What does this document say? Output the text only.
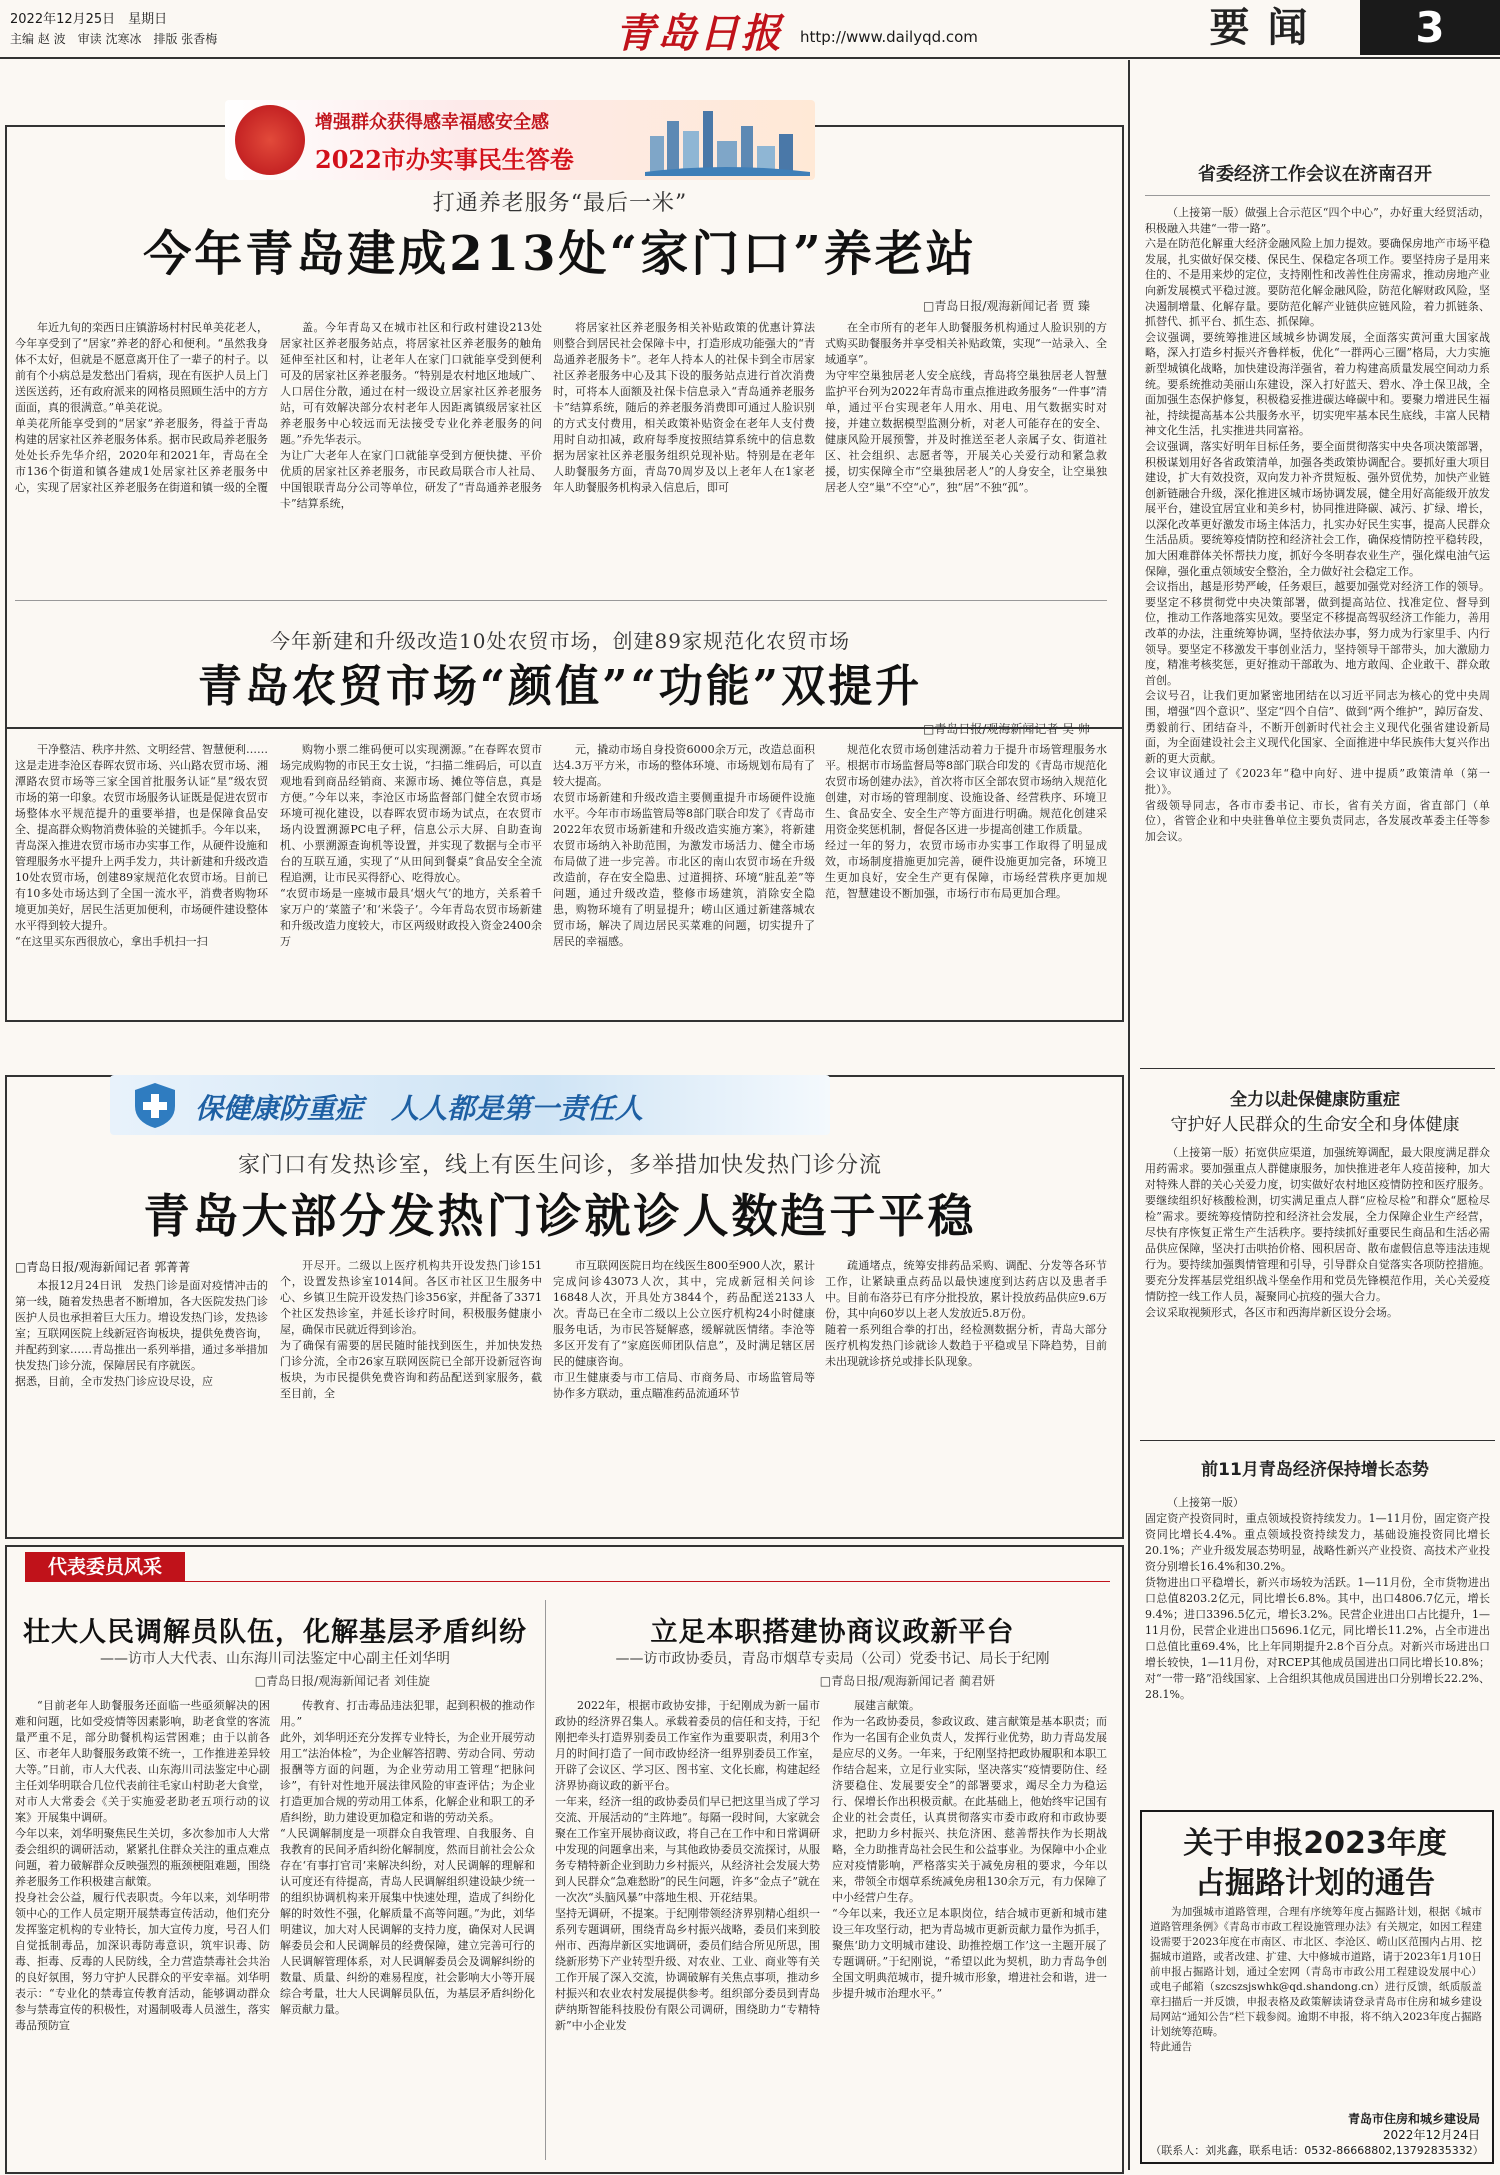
2022年12月25日　星期日
主编 赵 波　审读 沈寒冰　排版 张香梅	青岛日报 http://www.dailyqd.com	要闻	3
增强群众获得感幸福感安全感
2022市办实事民生答卷
打通养老服务“最后一米”
今年青岛建成213处“家门口”养老站
□青岛日报/观海新闻记者 贾 臻

年近九旬的栾西日庄镇游场村村民单美花老人，今年享受到了“居家”养老的舒心和便利。“虽然我身体不太好，但就是不愿意离开住了一辈子的村子。以前有个小病总是发愁出门看病，现在有医护人员上门送医送药，还有政府派来的网格员照顾生活中的方方面面，真的很满意。”单美花说。
单美花所能享受到的“居家”养老服务，得益于青岛构建的居家社区养老服务体系。据市民政局养老服务处处长乔先华介绍，2020年和2021年，青岛在全市136个街道和镇各建成1处居家社区养老服务中心，实现了居家社区养老服务在街道和镇一级的全覆

盖。今年青岛又在城市社区和行政村建设213处居家社区养老服务站点，将居家社区养老服务的触角延伸至社区和村，让老年人在家门口就能享受到便利可及的居家社区养老服务。“特别是农村地区地域广、人口居住分散，通过在村一级设立居家社区养老服务站，可有效解决部分农村老年人因距离镇级居家社区养老服务中心较远而无法接受专业化养老服务的问题。”乔先华表示。
为让广大老年人在家门口就能享受到方便快捷、平价优质的居家社区养老服务，市民政局联合市人社局、中国银联青岛分公司等单位，研发了“青岛通养老服务卡”结算系统，

将居家社区养老服务相关补贴政策的优惠计算法则整合到居民社会保障卡中，打造形成功能强大的“青岛通养老服务卡”。老年人持本人的社保卡到全市居家社区养老服务中心及其下设的服务站点进行首次消费时，可将本人面额及社保卡信息录入“青岛通养老服务卡”结算系统，随后的养老服务消费即可通过人脸识别的方式支付费用，相关政策补贴资金在老年人支付费用时自动扣减，政府每季度按照结算系统中的信息数据为居家社区养老服务组织兑现补贴。特别是在老年人助餐服务方面，青岛70周岁及以上老年人在1家老年人助餐服务机构录入信息后，即可

在全市所有的老年人助餐服务机构通过人脸识别的方式购买助餐服务并享受相关补贴政策，实现“一站录入、全域通享”。
为守牢空巢独居老人安全底线，青岛将空巢独居老人智慧监护平台列为2022年青岛市重点推进政务服务“一件事”清单，通过平台实现老年人用水、用电、用气数据实时对接，并建立数据模型监测分析，对老人可能存在的安全、健康风险开展预警，并及时推送至老人亲属子女、街道社区、社会组织、志愿者等，开展关心关爱行动和紧急救援，切实保障全市“空巢独居老人”的人身安全，让空巢独居老人空“巢”不空“心”，独“居”不独“孤”。

今年新建和升级改造10处农贸市场，创建89家规范化农贸市场
青岛农贸市场“颜值”“功能”双提升
□青岛日报/观海新闻记者 吴 帅

干净整洁、秩序井然、文明经营、智慧便利……这是走进李沧区春晖农贸市场、兴山路农贸市场、湘潭路农贸市场等三家全国首批服务认证“星”级农贸市场的第一印象。农贸市场服务认证既是促进农贸市场整体水平规范提升的重要举措，也是保障食品安全、提高群众购物消费体验的关键抓手。今年以来，青岛深入推进农贸市场市办实事工作，从硬件设施和管理服务水平提升上两手发力，共计新建和升级改造10处农贸市场，创建89家规范化农贸市场。目前已有10多处市场达到了全国一流水平，消费者购物环境更加美好，居民生活更加便利，市场硬件建设整体水平得到较大提升。
“在这里买东西很放心，拿出手机扫一扫

购物小票二维码便可以实现溯源。”在春晖农贸市场完成购物的市民王女士说，“扫描二维码后，可以直观地看到商品经销商、来源市场、摊位等信息，真是方便。”今年以来，李沧区市场监督部门健全农贸市场环境可视化建设，以春晖农贸市场为试点，在农贸市场内设置溯源PC电子秤，信息公示大屏、自助查询机、小票溯源查询机等设置，并实现了数据与全市平台的互联互通，实现了“从田间到餐桌”食品安全全流程追溯，让市民买得舒心、吃得放心。
“农贸市场是一座城市最具‘烟火气’的地方，关系着千家万户的‘菜篮子’和‘米袋子’。今年青岛农贸市场新建和升级改造力度较大，市区两级财政投入资金2400余万

元，撬动市场自身投资6000余万元，改造总面积达4.3万平方米，市场的整体环境、市场规划布局有了较大提高。
农贸市场新建和升级改造主要侧重提升市场硬件设施水平。今年市市场监管局等8部门联合印发了《青岛市2022年农贸市场新建和升级改造实施方案》，将新建农贸市场纳入补助范围，为激发市场活力、健全市场布局做了进一步完善。市北区的南山农贸市场在升级改造前，存在安全隐患、过道拥挤、环境“脏乱差”等问题，通过升级改造，整修市场建筑，消除安全隐患，购物环境有了明显提升；崂山区通过新建落城农贸市场，解决了周边居民买菜难的问题，切实提升了居民的幸福感。

规范化农贸市场创建活动着力于提升市场管理服务水平。根据市市场监督局等8部门联合印发的《青岛市规范化农贸市场创建办法》，首次将市区全部农贸市场纳入规范化创建，对市场的管理制度、设施设备、经营秩序、环境卫生、食品安全、安全生产等方面进行明确。规范化创建采用资金奖惩机制，督促各区进一步提高创建工作质量。
经过一年的努力，农贸市场市办实事工作取得了明显成效，市场制度措施更加完善，硬件设施更加完备，环境卫生更加良好，安全生产更有保障，市场经营秩序更加规范，智慧建设不断加强，市场行市布局更加合理。

保健康防重症　人人都是第一责任人
家门口有发热诊室，线上有医生问诊，多举措加快发热门诊分流
青岛大部分发热门诊就诊人数趋于平稳
□青岛日报/观海新闻记者 郭菁菁

本报12月24日讯　发热门诊是面对疫情冲击的第一线，随着发热患者不断增加，各大医院发热门诊医护人员也承担着巨大压力。增设发热门诊，发热诊室；互联网医院上线新冠咨询板块，提供免费咨询，并配药到家……青岛推出一系列举措，通过多举措加快发热门诊分流，保障居民有序就医。
据悉，目前，全市发热门诊应设尽设，应

开尽开。二级以上医疗机构共开设发热门诊151个，设置发热诊室1014间。各区市社区卫生服务中心、乡镇卫生院开设发热门诊356家，并配备了3371个社区发热诊室，并延长诊疗时间，积极服务健康小屋，确保市民就近得到诊治。
为了确保有需要的居民随时能找到医生，并加快发热门诊分流，全市26家互联网医院已全部开设新冠咨询板块，为市民提供免费咨询和药品配送到家服务，截至目前，全

市互联网医院日均在线医生800至900人次，累计完成问诊43073人次，其中，完成新冠相关问诊16848人次，开具处方3844个，药品配送2133人次。青岛已在全市二级以上公立医疗机构24小时健康服务电话，为市民答疑解惑，缓解就医情绪。李沧等多区开发有了“家庭医师团队信息”，及时满足辖区居民的健康咨询。
市卫生健康委与市工信局、市商务局、市场监管局等协作多方联动，重点瞄准药品流通环节

疏通堵点，统筹安排药品采购、调配、分发等各环节工作，让紧缺重点药品以最快速度到达药店以及患者手中。目前布洛芬已有序分批投放，累计投放药品供应9.6万份，其中向60岁以上老人发放近5.8万份。
随着一系列组合拳的打出，经检测数据分析，青岛大部分医疗机构发热门诊就诊人数趋于平稳或呈下降趋势，目前未出现就诊挤兑或排长队现象。

代表委员风采
壮大人民调解员队伍，化解基层矛盾纠纷
——访市人大代表、山东海川司法鉴定中心副主任刘华明
□青岛日报/观海新闻记者 刘佳旋

“目前老年人助餐服务还面临一些亟须解决的困难和问题，比如受疫情等因素影响，助老食堂的客流量严重不足，部分助餐机构运营困难；由于以前各区、市老年人助餐服务政策不统一，工作推进差异较大等。”日前，市人大代表、山东海川司法鉴定中心副主任刘华明联合几位代表前往毛家山村助老大食堂，对市人大常委会《关于实施爱老助老五项行动的议案》开展集中调研。
今年以来，刘华明聚焦民生关切，多次参加市人大常委会组织的调研活动，紧紧扎住群众关注的重点难点问题，着力破解群众反映强烈的瓶颈梗阻难题，围绕养老服务工作积极建言献策。
投身社会公益，履行代表职责。今年以来，刘华明带领中心的工作人员定期开展禁毒宣传活动，他们充分发挥鉴定机构的专业特长，加大宣传力度，号召人们自觉抵制毒品，加深识毒防毒意识，筑牢识毒、防毒、拒毒、反毒的人民防线，全力营造禁毒社会共治的良好氛围，努力守护人民群众的平安幸福。刘华明表示：“专业化的禁毒宣传教育活动，能够调动群众参与禁毒宣传的积极性，对遏制吸毒人员滋生，落实毒品预防宣

传教育、打击毒品违法犯罪，起到积极的推动作用。”
此外，刘华明还充分发挥专业特长，为企业开展劳动用工“法治体检”，为企业解答招聘、劳动合同、劳动报酬等方面的问题，为企业劳动用工管理“把脉问诊”，有针对性地开展法律风险的审查评估；为企业打造更加合规的劳动用工体系，化解企业和职工的矛盾纠纷，助力建设更加稳定和谐的劳动关系。
“人民调解制度是一项群众自我管理、自我服务、自我教育的民间矛盾纠纷化解制度，然而目前社会公众存在‘有事打官司’来解决纠纷，对人民调解的理解和认可度还有待提高，青岛人民调解组织建设缺少统一的组织协调机构来开展集中快速处理，造成了纠纷化解的时效性不强，化解质量不高等问题。”为此，刘华明建议，加大对人民调解的支持力度，确保对人民调解委员会和人民调解员的经费保障，建立完善可行的人民调解管理体系，对人民调解委员会及调解纠纷的数量、质量、纠纷的难易程度，社会影响大小等开展综合考量，壮大人民调解员队伍，为基层矛盾纠纷化解贡献力量。

立足本职搭建协商议政新平台
——访市政协委员，青岛市烟草专卖局（公司）党委书记、局长于纪刚
□青岛日报/观海新闻记者 蔺君妍

2022年，根据市政协安排，于纪刚成为新一届市政协的经济界召集人。承载着委员的信任和支持，于纪刚把牵头打造界别委员工作室作为重要职责，利用3个月的时间打造了一间市政协经济一组界别委员工作室，开辟了会议区、学习区、图书室、文化长廊，构建起经济界协商议政的新平台。
一年来，经济一组的政协委员们早已把这里当成了学习交流、开展活动的“主阵地”。每隔一段时间，大家就会聚在工作室开展协商议政，将自己在工作中和日常调研中发现的问题拿出来，与其他政协委员交流探讨，从服务专精特新企业到助力乡村振兴，从经济社会发展大势到人民群众“急难愁盼”的民生问题，许多“金点子”就在一次次“头脑风暴”中落地生根、开花结果。
坚持无调研，不提案。于纪刚带领经济界别精心组织一系列专题调研，围绕青岛乡村振兴战略，委员们来到胶州市、西海岸新区实地调研，委员们结合所见所思，围绕新形势下产业转型升级、对农业、工业、商业等有关工作开展了深入交流，协调破解有关焦点事项，推动乡村振兴和农业农村发展提供参考。组织部分委员到青岛萨纳斯智能科技股份有限公司调研，围绕助力“专精特新”中小企业发

展建言献策。
作为一名政协委员，参政议政、建言献策是基本职责；而作为一名国有企业负责人，发挥行业优势，助力青岛发展是应尽的义务。一年来，于纪刚坚持把政协履职和本职工作结合起来，立足行业实际，坚决落实“疫情要防住、经济要稳住、发展要安全”的部署要求，竭尽全力为稳运行、保增长作出积极贡献。在此基础上，他始终牢记国有企业的社会责任，认真贯彻落实市委市政府和市政协要求，把助力乡村振兴、扶危济困、慈善帮扶作为长期战略，全力助推青岛社会民生和公益事业。为保障中小企业应对疫情影响，严格落实关于减免房租的要求，今年以来，带领全市烟草系统减免房租130余万元，有力保障了中小经营户生存。
“今年以来，我还立足本职岗位，结合城市更新和城市建设三年攻坚行动，把为青岛城市更新贡献力量作为抓手，聚焦‘助力文明城市建设、助推控烟工作’这一主题开展了专题调研。”于纪刚说，“希望以此为契机，助力青岛争创全国文明典范城市，提升城市形象，增进社会和谐，进一步提升城市治理水平。”

省委经济工作会议在济南召开

（上接第一版）做强上合示范区“四个中心”，办好重大经贸活动，积极融入共建“一带一路”。
六是在防范化解重大经济金融风险上加力提效。要确保房地产市场平稳发展，扎实做好保交楼、保民生、保稳定各项工作。要坚持房子是用来住的、不是用来炒的定位，支持刚性和改善性住房需求，推动房地产业向新发展模式平稳过渡。要防范化解金融风险，防范化解财政风险，坚决遏制增量、化解存量。要防范化解产业链供应链风险，着力抓链条、抓替代、抓平台、抓生态、抓保障。
会议强调，要统筹推进区域城乡协调发展，全面落实黄河重大国家战略，深入打造乡村振兴齐鲁样板，优化“一群两心三圈”格局，大力实施新型城镇化战略，加快建设海洋强省，着力构建高质量发展空间动力系统。要系统推动美丽山东建设，深入打好蓝天、碧水、净土保卫战，全面加强生态保护修复，积极稳妥推进碳达峰碳中和。要聚力增进民生福祉，持续提高基本公共服务水平，切实兜牢基本民生底线，丰富人民精神文化生活，扎实推进共同富裕。
会议强调，落实好明年目标任务，要全面贯彻落实中央各项决策部署，积极谋划用好各省政策清单，加强各类政策协调配合。要抓好重大项目建设，扩大有效投资，双向发力补齐贯短板、强外贸优势，加快产业链创新链融合升级，深化推进区城市场协调发展，健全用好高能级开放发展平台，建设宜居宜业和美乡村，协同推进降碳、减污、扩绿、增长，以深化改革更好激发市场主体活力，扎实办好民生实事，提高人民群众生活品质。要统筹疫情防控和经济社会工作，确保疫情防控平稳转段，加大困难群体关怀帮扶力度，抓好今冬明春农业生产，强化煤电油气运保障，强化重点领域安全整治，全力做好社会稳定工作。
会议指出，越是形势严峻，任务艰巨，越要加强党对经济工作的领导。要坚定不移贯彻党中央决策部署，做到提高站位、找准定位、督导到位，推动工作落地落实见效。要坚定不移提高驾驭经济工作能力，善用改革的办法，注重统筹协调，坚持依法办事，努力成为行家里手、内行领导。要坚定不移激发干事创业活力，坚持领导干部带头，加大激励力度，精准考核奖惩，更好推动干部敢为、地方敢闯、企业敢干、群众敢首创。
会议号召，让我们更加紧密地团结在以习近平同志为核心的党中央周围，增强“四个意识”、坚定“四个自信”、做到“两个维护”，踔厉奋发、勇毅前行、团结奋斗，不断开创新时代社会主义现代化强省建设新局面，为全面建设社会主义现代化国家、全面推进中华民族伟大复兴作出新的更大贡献。
会议审议通过了《2023年“稳中向好、进中提质”政策清单（第一批）》。
省级领导同志，各市市委书记、市长，省有关方面，省直部门（单位），省管企业和中央驻鲁单位主要负责同志，各发展改革委主任等参加会议。

全力以赴保健康防重症
守护好人民群众的生命安全和身体健康

（上接第一版）拓宽供应渠道，加强统筹调配，最大限度满足群众用药需求。要加强重点人群健康服务，加快推进老年人疫苗接种，加大对特殊人群的关心关爱力度，切实做好农村地区疫情防控和医疗服务。要继续组织好核酸检测，切实满足重点人群“应检尽检”和群众“愿检尽检”需求。要统筹疫情防控和经济社会发展，全力保障企业生产经营，尽快有序恢复正常生产生活秩序。要持续抓好重要民生商品和生活必需品供应保障，坚决打击哄抬价格、囤积居奇、散布虚假信息等违法违规行为。要持续加强舆情管理和引导，引导群众自觉落实各项防控措施。要充分发挥基层党组织战斗堡垒作用和党员先锋模范作用，关心关爱疫情防控一线工作人员，凝聚同心抗疫的强大合力。
会议采取视频形式，各区市和西海岸新区设分会场。

前11月青岛经济保持增长态势

（上接第一版）
固定资产投资同时，重点领域投资持续发力。1—11月份，固定资产投资同比增长4.4%。重点领域投资持续发力，基础设施投资同比增长20.1%；产业升级发展态势明显，战略性新兴产业投资、高技术产业投资分别增长16.4%和30.2%。
货物进出口平稳增长，新兴市场较为活跃。1—11月份，全市货物进出口总值8203.2亿元，同比增长6.8%。其中，出口4806.7亿元，增长9.4%；进口3396.5亿元，增长3.2%。民营企业进出口占比提升，1—11月份，民营企业进出口5696.1亿元，同比增长11.2%，占全市进出口总值比重69.4%，比上年同期提升2.8个百分点。对新兴市场进出口增长较快，1—11月份，对RCEP其他成员国进出口同比增长10.8%；对“一带一路”沿线国家、上合组织其他成员国进出口分别增长22.2%、28.1%。

关于申报2023年度
占掘路计划的通告

为加强城市道路管理，合理有序统筹年度占掘路计划，根据《城市道路管理条例》《青岛市市政工程设施管理办法》有关规定，如因工程建设需要于2023年度在市南区、市北区、李沧区、崂山区范围内占用、挖掘城市道路，或者改建、扩建、大中修城市道路，请于2023年1月10日前申报占掘路计划，通过全宏网（青岛市市政公用工程建设发展中心）或电子邮箱（szcszsjswhk@qd.shandong.cn）进行反馈，纸质版盖章扫描后一并反馈，申报表格及政策解读请登录青岛市住房和城乡建设局网站“通知公告”栏下载参阅。逾期不申报，将不纳入2023年度占掘路计划统筹范畴。
特此通告

青岛市住房和城乡建设局
2022年12月24日
（联系人：刘兆鑫，联系电话：0532-86668802,13792835332）
